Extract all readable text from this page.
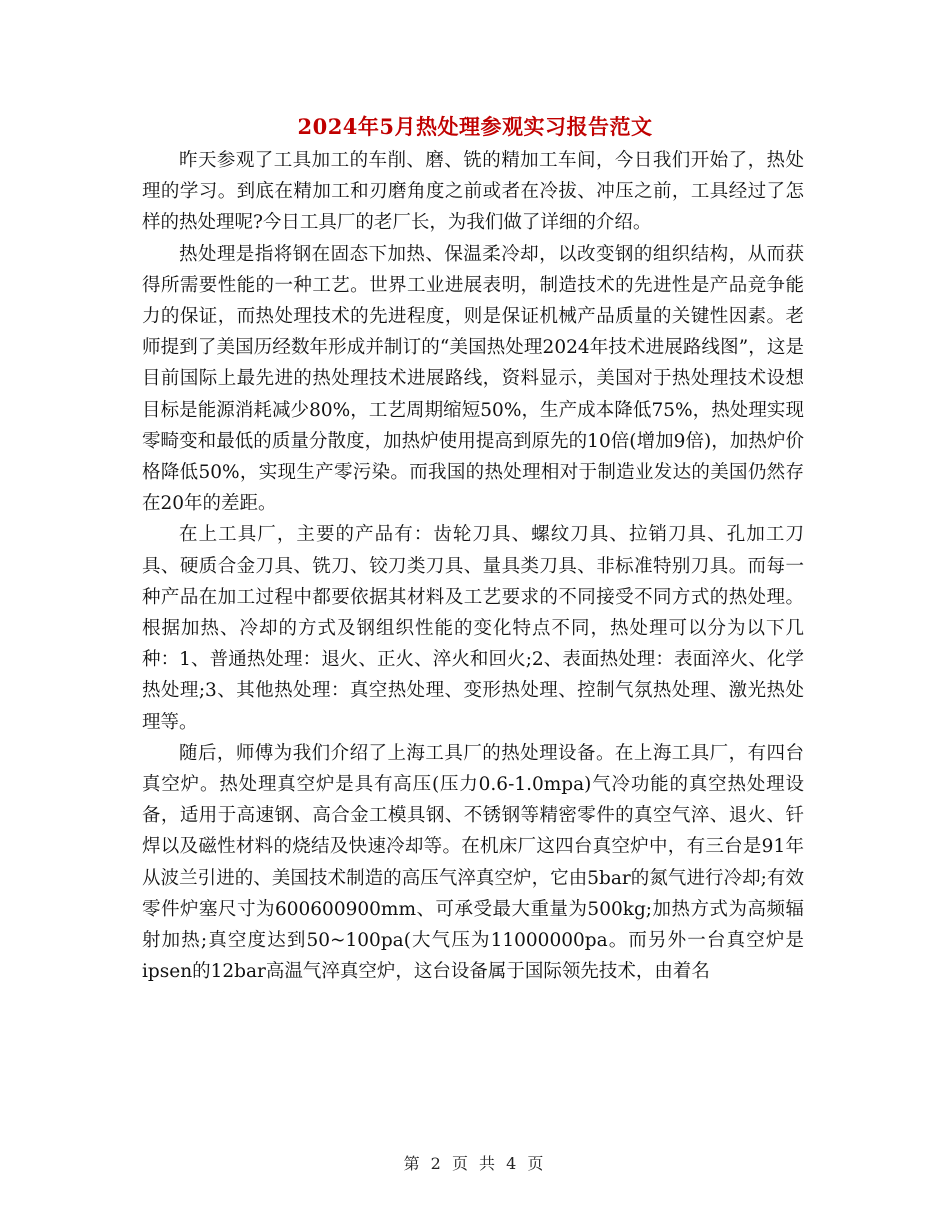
2024年5月热处理参观实习报告范文

昨天参观了工具加工的车削、磨、铣的精加工车间，今日我们开始了，热处理的学习。到底在精加工和刃磨角度之前或者在冷拔、冲压之前，工具经过了怎样的热处理呢?今日工具厂的老厂长，为我们做了详细的介绍。

热处理是指将钢在固态下加热、保温柔冷却，以改变钢的组织结构，从而获得所需要性能的一种工艺。世界工业进展表明，制造技术的先进性是产品竞争能力的保证，而热处理技术的先进程度，则是保证机械产品质量的关键性因素。老师提到了美国历经数年形成并制订的“美国热处理2024年技术进展路线图”，这是目前国际上最先进的热处理技术进展路线，资料显示，美国对于热处理技术设想目标是能源消耗减少80%，工艺周期缩短50%，生产成本降低75%，热处理实现零畸变和最低的质量分散度，加热炉使用提高到原先的10倍(增加9倍)，加热炉价格降低50%，实现生产零污染。而我国的热处理相对于制造业发达的美国仍然存在20年的差距。

在上工具厂，主要的产品有：齿轮刀具、螺纹刀具、拉销刀具、孔加工刀具、硬质合金刀具、铣刀、铰刀类刀具、量具类刀具、非标准特别刀具。而每一种产品在加工过程中都要依据其材料及工艺要求的不同接受不同方式的热处理。根据加热、冷却的方式及钢组织性能的变化特点不同，热处理可以分为以下几种：1、普通热处理：退火、正火、淬火和回火;2、表面热处理：表面淬火、化学热处理;3、其他热处理：真空热处理、变形热处理、控制气氛热处理、激光热处理等。

随后，师傅为我们介绍了上海工具厂的热处理设备。在上海工具厂，有四台真空炉。热处理真空炉是具有高压(压力0.6-1.0mpa)气冷功能的真空热处理设备，适用于高速钢、高合金工模具钢、不锈钢等精密零件的真空气淬、退火、钎焊以及磁性材料的烧结及快速冷却等。在机床厂这四台真空炉中，有三台是91年从波兰引进的、美国技术制造的高压气淬真空炉，它由5bar的氮气进行冷却;有效零件炉塞尺寸为600600900mm、可承受最大重量为500kg;加热方式为高频辐射加热;真空度达到50~100pa(大气压为11000000pa。而另外一台真空炉是ipsen的12bar高温气淬真空炉，这台设备属于国际领先技术，由着名

第 2 页 共 4 页
